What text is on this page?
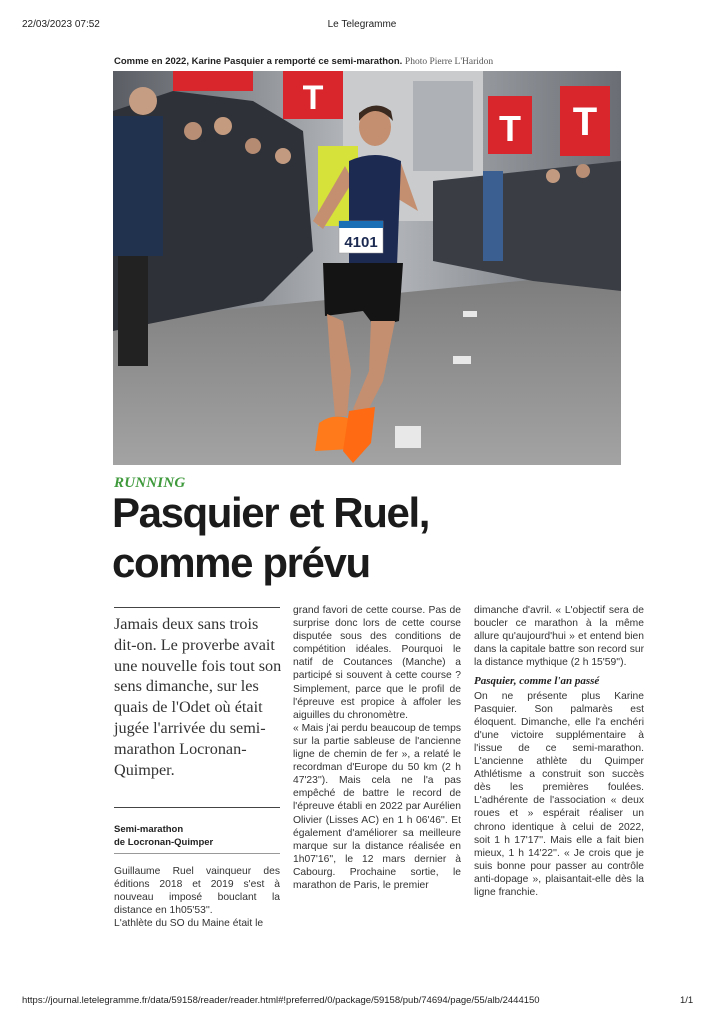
22/03/2023 07:52	Le Telegramme
Comme en 2022, Karine Pasquier a remporté ce semi-marathon. Photo Pierre L'Haridon
T
T T
4101
RUNNING
Pasquier et Ruel,
comme prévu
Jamais deux sans trois dit-on. Le proverbe avait une nouvelle fois tout son sens dimanche, sur les quais de l'Odet où était jugée l'arrivée du semi-marathon Locronan-Quimper.
Semi-marathon
de Locronan-Quimper

Guillaume Ruel vainqueur des éditions 2018 et 2019 s'est à nouveau imposé bouclant la distance en 1h05'53''.

L'athlète du SO du Maine était le

grand favori de cette course. Pas de surprise donc lors de cette course disputée sous des conditions de compétition idéales. Pourquoi le natif de Coutances (Manche) a participé si souvent à cette course ? Simplement, parce que le profil de l'épreuve est propice à affoler les aiguilles du chronomètre.

« Mais j'ai perdu beaucoup de temps sur la partie sableuse de l'ancienne ligne de chemin de fer », a relaté le recordman d'Europe du 50 km (2 h 47'23''). Mais cela ne l'a pas empêché de battre le record de l'épreuve établi en 2022 par Aurélien Olivier (Lisses AC) en 1 h 06'46''. Et également d'améliorer sa meilleure marque sur la distance réalisée en 1h07'16'', le 12 mars dernier à Cabourg. Prochaine sortie, le marathon de Paris, le premier

dimanche d'avril. « L'objectif sera de boucler ce marathon à la même allure qu'aujourd'hui » et entend bien dans la capitale battre son record sur la distance mythique (2 h 15'59'').

Pasquier, comme l'an passé

On ne présente plus Karine Pasquier. Son palmarès est éloquent. Dimanche, elle l'a enchéri d'une victoire supplémentaire à l'issue de ce semi-marathon. L'ancienne athlète du Quimper Athlétisme a construit son succès dès les premières foulées. L'adhérente de l'association « deux roues et » espérait réaliser un chrono identique à celui de 2022, soit 1 h 17'17''. Mais elle a fait bien mieux, 1 h 14'22''. « Je crois que je suis bonne pour passer au contrôle anti-dopage », plaisantait-elle dès la ligne franchie.

https://journal.letelegramme.fr/data/59158/reader/reader.html#!preferred/0/package/59158/pub/74694/page/55/alb/2444150	1/1
